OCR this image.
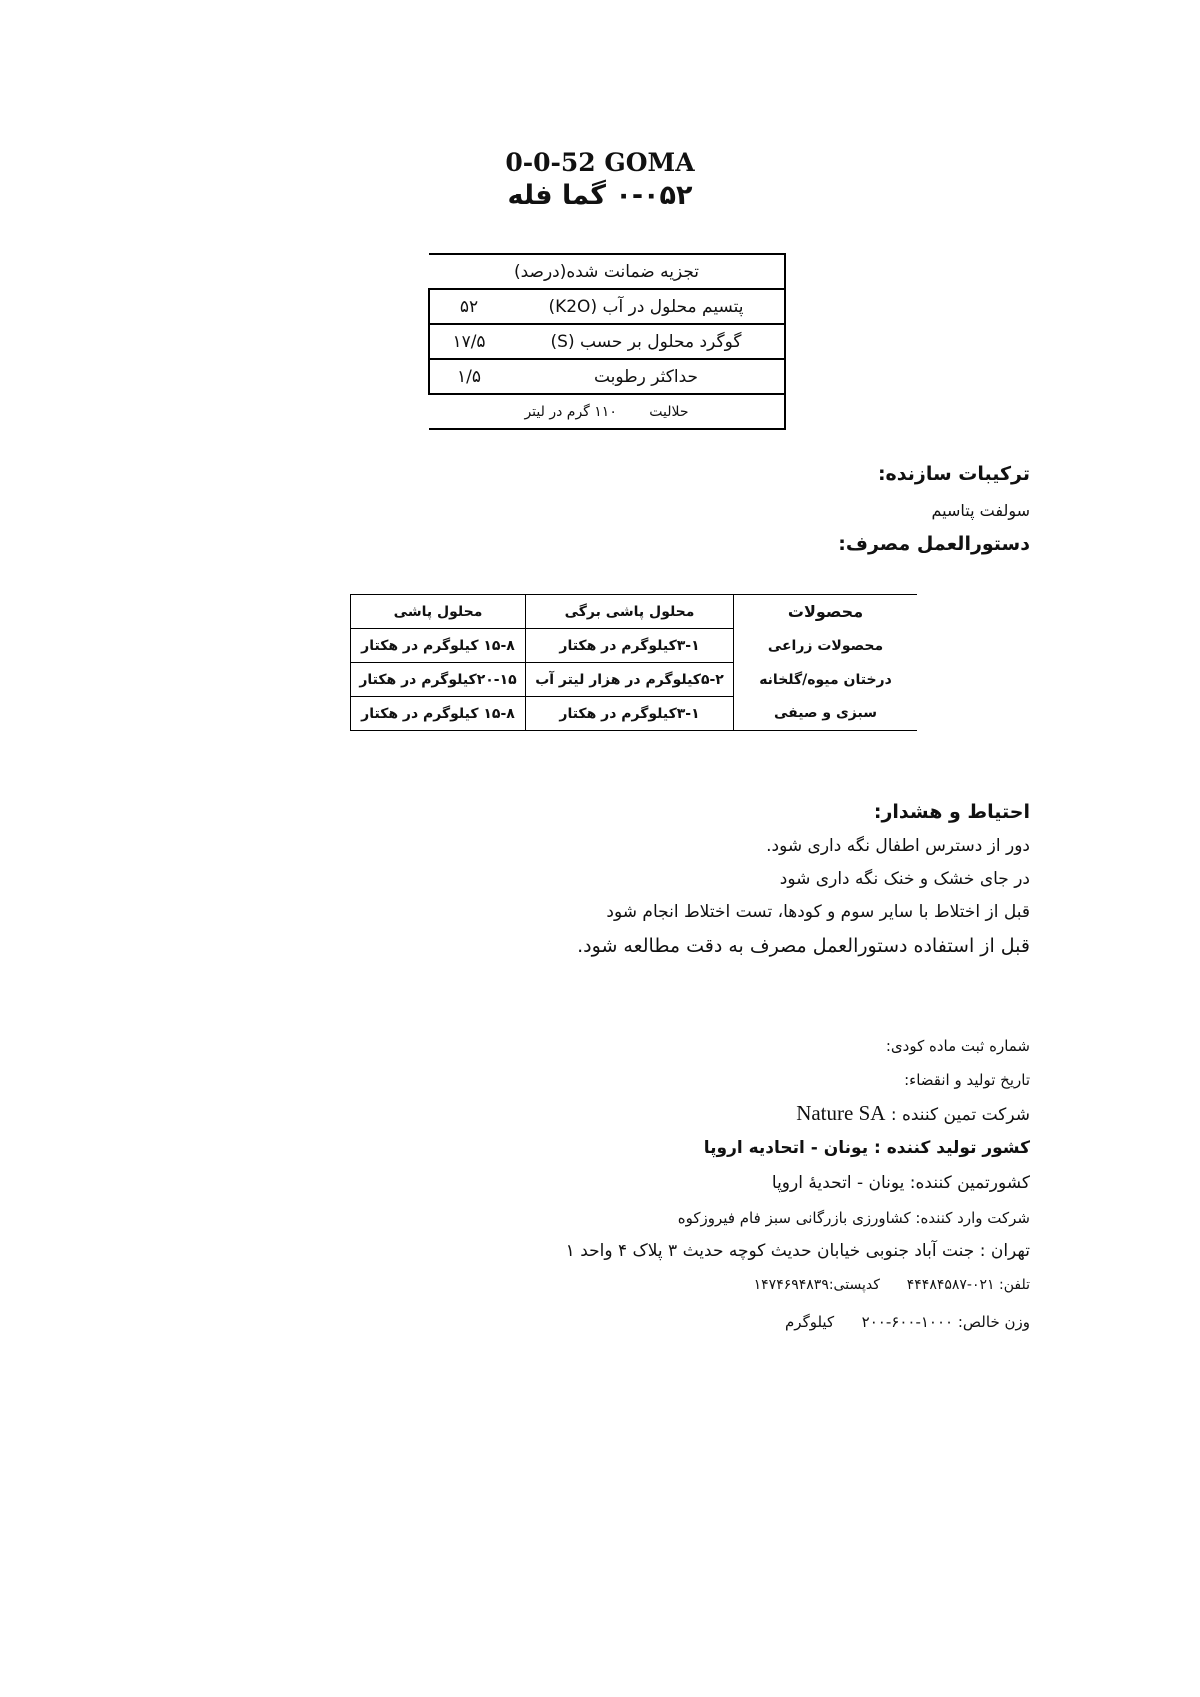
0-0-52 GOMA
۰-۰۵۲ گما فله
تجزیه ضمانت شده(درصد)	
پتسیم محلول در آب (K2O)	۵۲
گوگرد محلول بر حسب (S)	۱۷/۵
حداکثر رطوبت	۱/۵
حلالیت ۱۱۰ گرم در لیتر	
ترکیبات سازنده:
سولفت پتاسیم
دستورالعمل مصرف:
محصولات	محلول پاشی برگی	محلول پاشی
محصولات زراعی	۳-۱کیلوگرم در هکتار	۱۵-۸ کیلوگرم در هکتار
درختان میوه/گلخانه	۵-۲کیلوگرم در هزار لیتر آب	۲۰-۱۵کیلوگرم در هکتار
سبزی و صیفی	۳-۱کیلوگرم در هکتار	۱۵-۸ کیلوگرم در هکتار
احتیاط و هشدار:
دور از دسترس اطفال نگه داری شود.
در جای خشک و خنک نگه داری شود
قبل از اختلاط با سایر سوم و کودها، تست اختلاط انجام شود
قبل از استفاده دستورالعمل مصرف به دقت مطالعه شود.
شماره ثبت ماده کودی:
تاریخ تولید و انقضاء:
شرکت تمین کننده : Nature SA
کشور تولید کننده : یونان - اتحادیه اروپا
کشورتمین کننده: یونان - اتحدیهٔ اروپا
شرکت وارد کننده: کشاورزی بازرگانی سبز فام فیروزکوه
تهران : جنت آباد جنوبی خیابان حدیث کوچه حدیث ۳ پلاک ۴ واحد ۱
تلفن: ۰۲۱-۴۴۴۸۴۵۸۷  کدپستی:۱۴۷۴۶۹۴۸۳۹
وزن خالص: ۱۰۰۰-۶۰۰-۲۰۰  کیلوگرم
